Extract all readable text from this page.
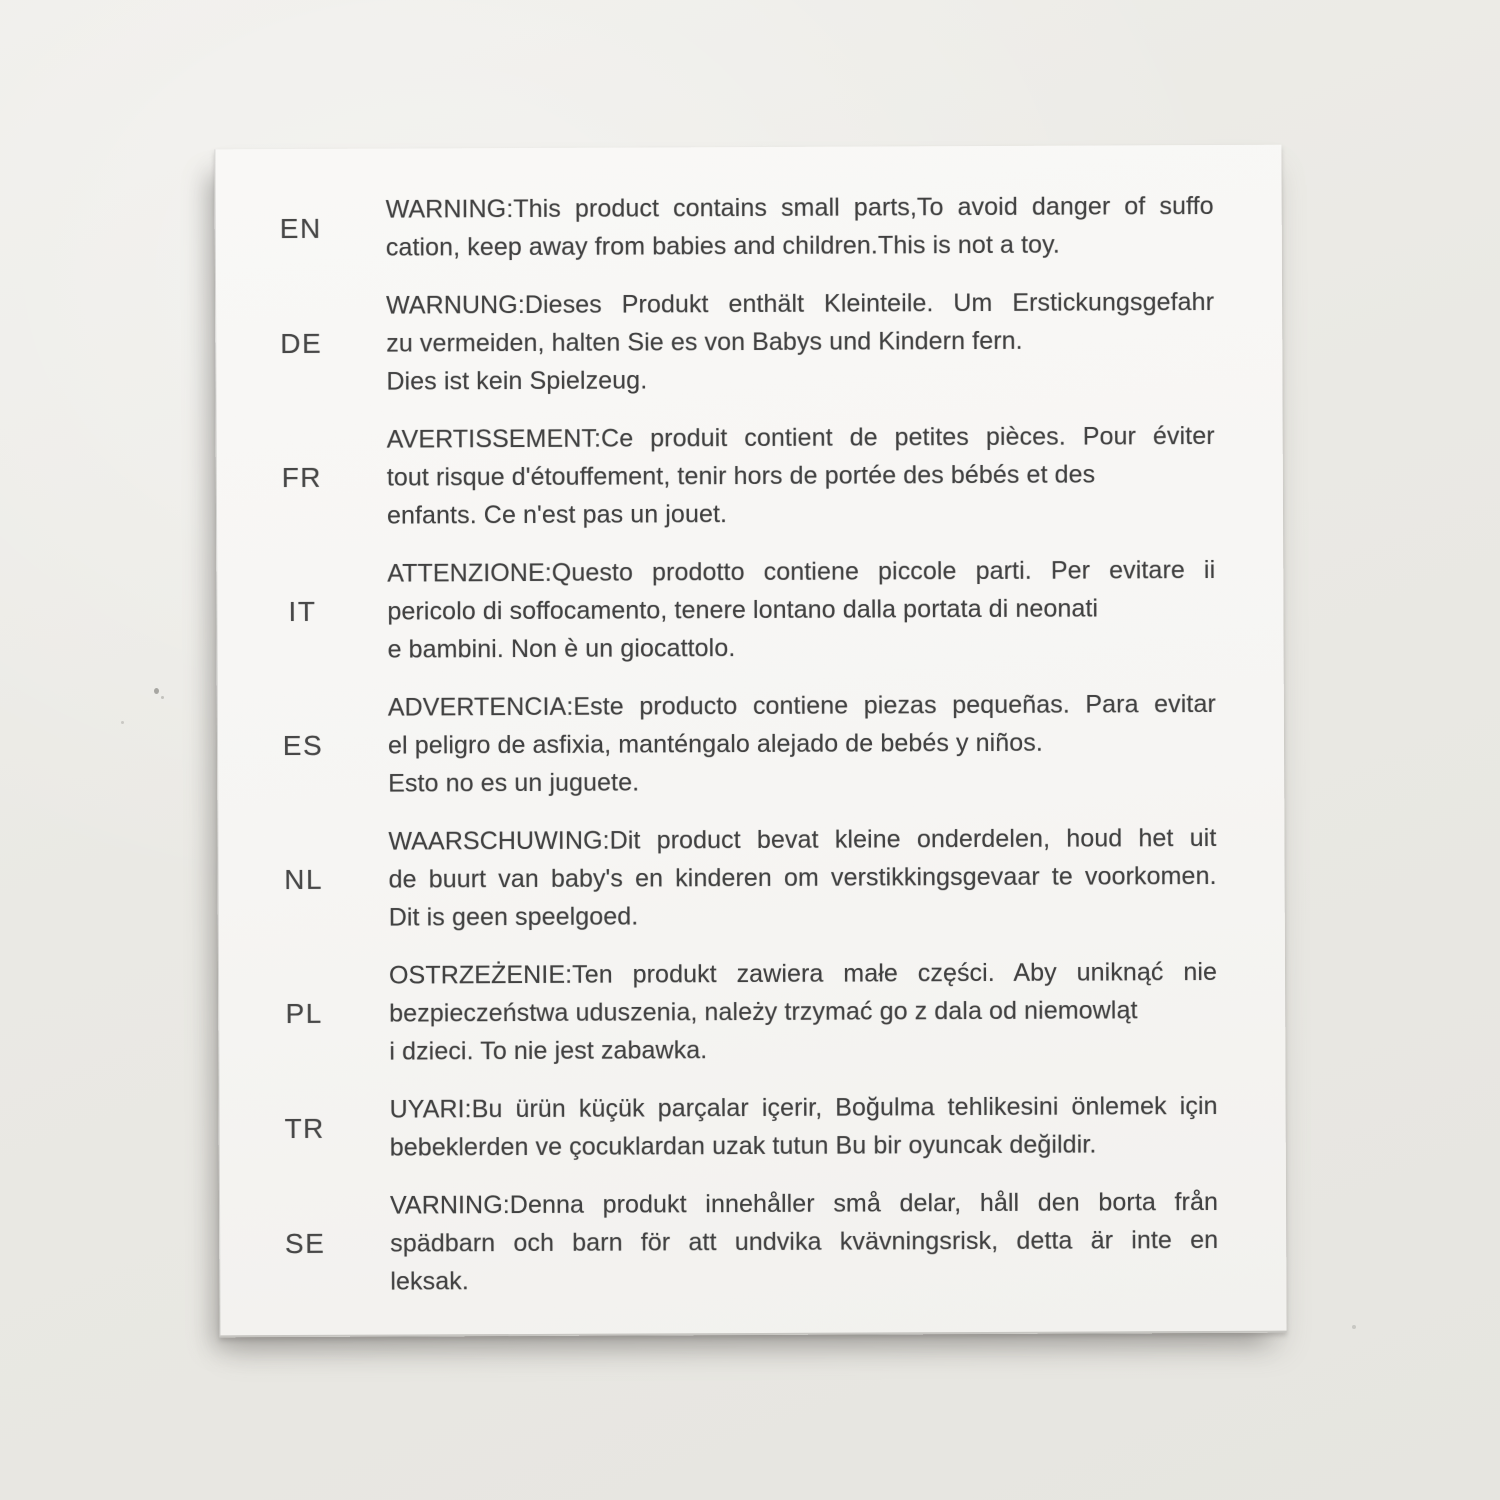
EN
WARNING:This product contains small parts,To avoid danger of suffo
cation, keep away from babies and children.This is not a toy.
DE
WARNUNG:Dieses Produkt enthält Kleinteile. Um Erstickungsgefahr
zu vermeiden, halten Sie es von Babys und Kindern fern.
Dies ist kein Spielzeug.
FR
AVERTISSEMENT:Ce produit contient de petites pièces. Pour éviter
tout risque d'étouffement, tenir hors de portée des bébés et des
enfants. Ce n'est pas un jouet.
IT
ATTENZIONE:Questo prodotto contiene piccole parti. Per evitare ii
pericolo di soffocamento, tenere lontano dalla portata di neonati
e bambini. Non è un giocattolo.
ES
ADVERTENCIA:Este producto contiene piezas pequeñas. Para evitar
el peligro de asfixia, manténgalo alejado de bebés y niños.
Esto no es un juguete.
NL
WAARSCHUWING:Dit product bevat kleine onderdelen, houd het uit
de buurt van baby's en kinderen om verstikkingsgevaar te voorkomen.
Dit is geen speelgoed.
PL
OSTRZEŻENIE:Ten produkt zawiera małe części. Aby uniknąć nie
bezpieczeństwa uduszenia, należy trzymać go z dala od niemowląt
i dzieci. To nie jest zabawka.
TR
UYARI:Bu ürün küçük parçalar içerir, Boğulma tehlikesini önlemek için
bebeklerden ve çocuklardan uzak tutun Bu bir oyuncak değildir.
SE
VARNING:Denna produkt innehåller små delar, håll den borta från
spädbarn och barn för att undvika kvävningsrisk, detta är inte en
leksak.
